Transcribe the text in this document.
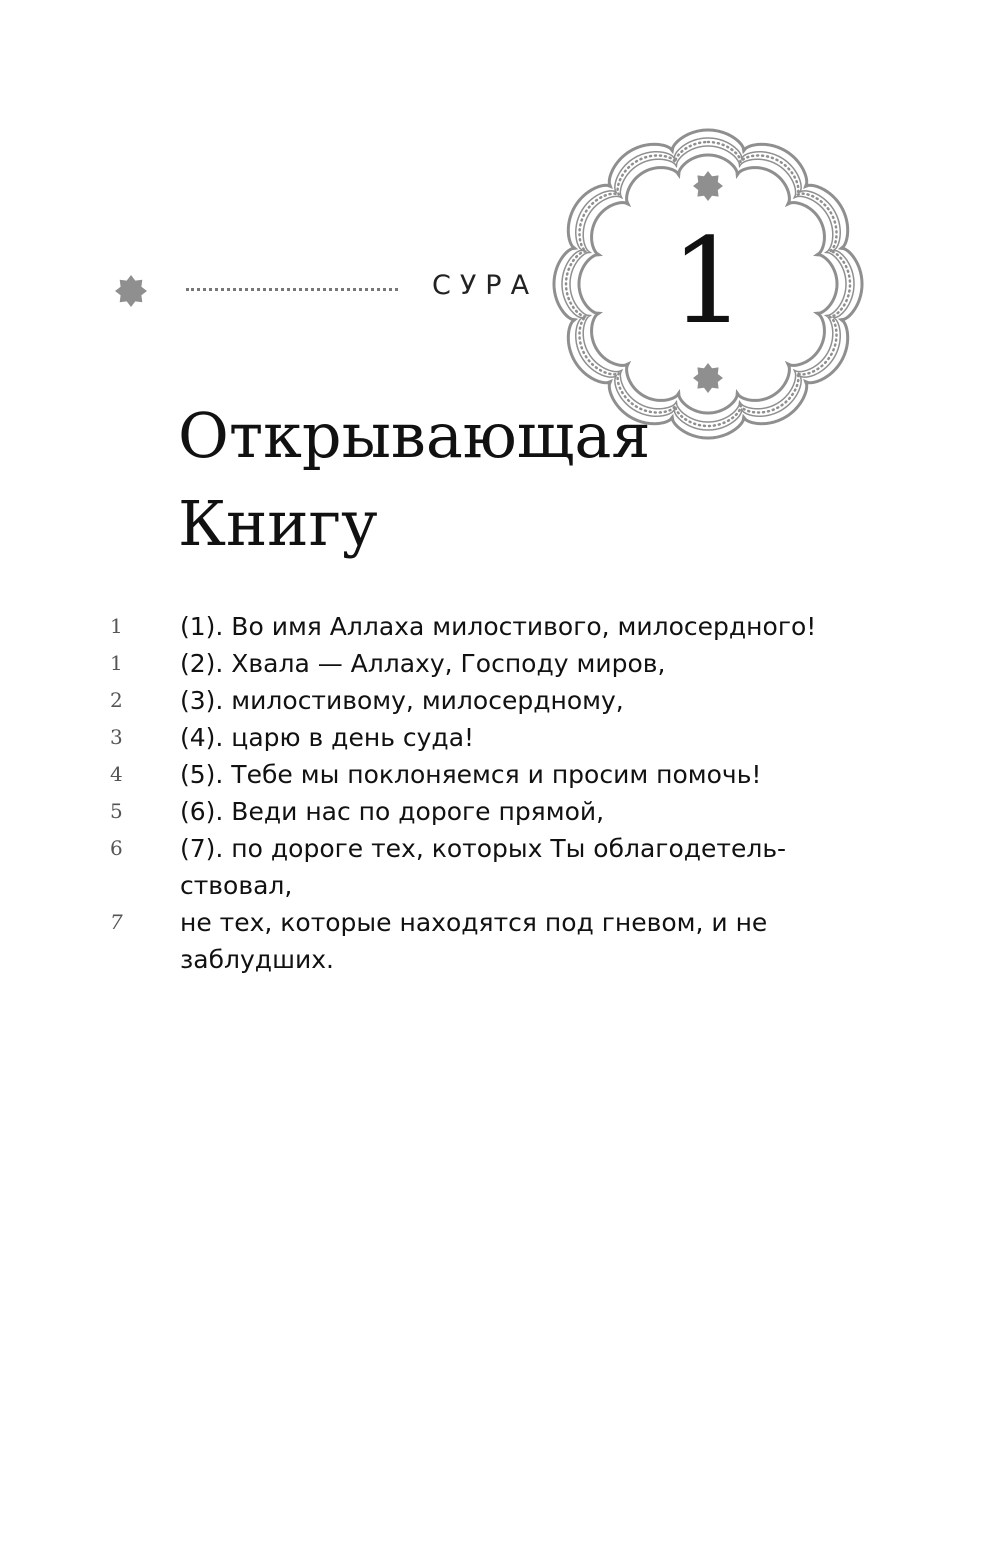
СУРА	1
Открывающая
Книгу
1	(1). Во имя Аллаха милостивого, милосердного!
1	(2). Хвала — Аллаху, Господу миров,
2	(3). милостивому, милосердному,
3	(4). царю в день суда!
4	(5). Тебе мы поклоняемся и просим помочь!
5	(6). Веди нас по дороге прямой,
6	(7). по дороге тех, которых Ты облагодетель-
ствовал,
7	не тех, которые находятся под гневом, и не
заблудших.
